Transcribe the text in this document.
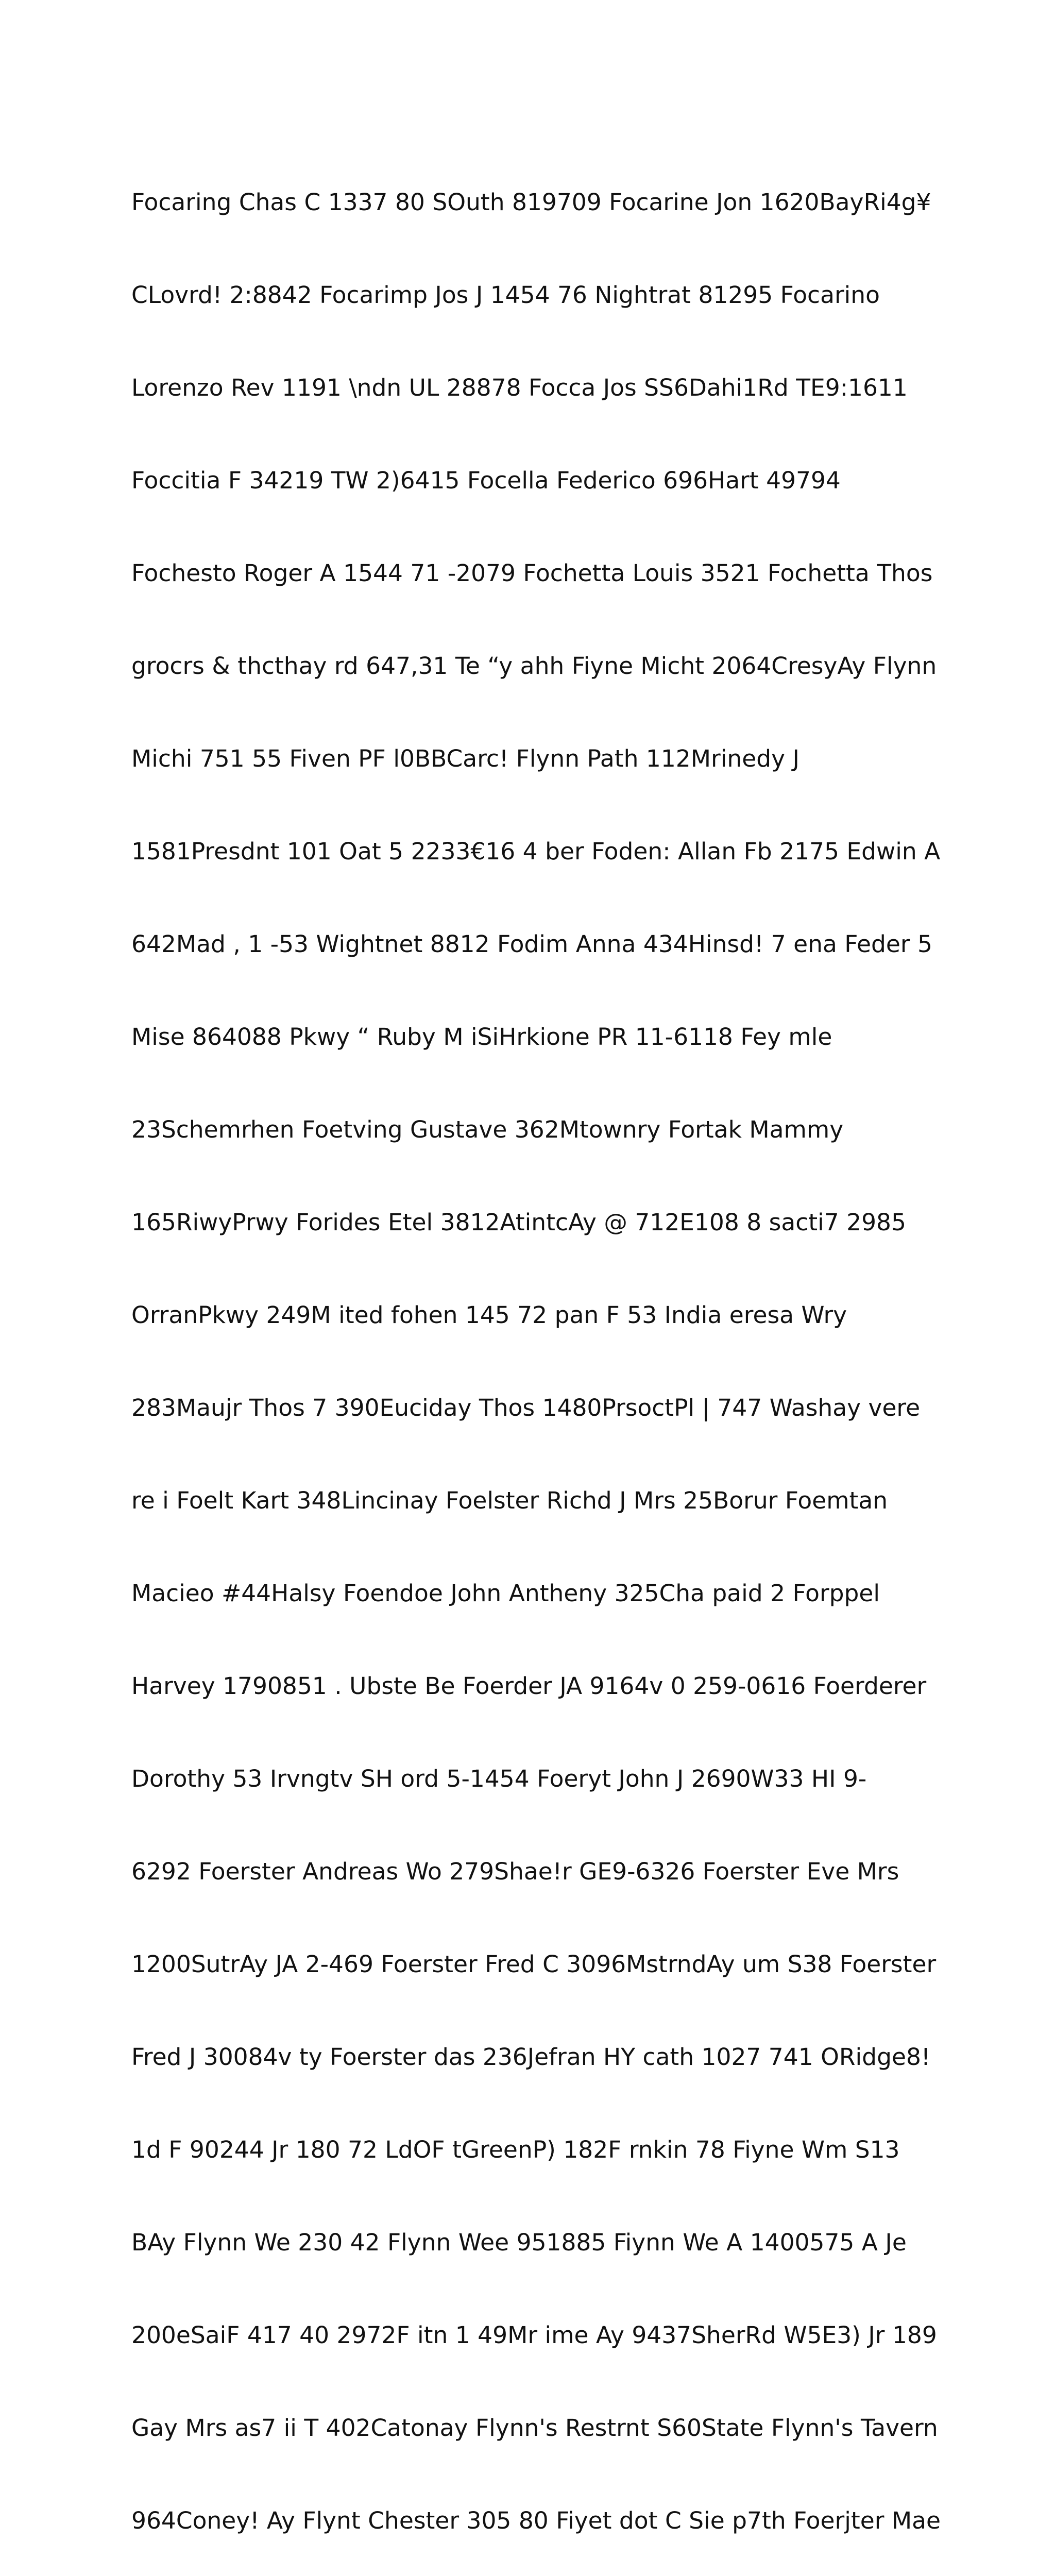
Focaring Chas C 1337 80 SOuth 819709 Focarine Jon 1620BayRi4g¥

CLovrd! 2:8842 Focarimp Jos J 1454 76 Nightrat 81295 Focarino

Lorenzo Rev 1191 \ndn UL 28878 Focca Jos SS6Dahi1Rd TE9:1611

Foccitia F 34219 TW 2)6415 Focella Federico 696Hart 49794

Fochesto Roger A 1544 71 -2079 Fochetta Louis 3521 Fochetta Thos

grocrs & thcthay rd 647,31 Te “y ahh Fiyne Micht 2064CresyAy Flynn

Michi 751 55 Fiven PF l0BBCarc! Flynn Path 112Mrinedy J

1581Presdnt 101 Oat 5 2233€16 4 ber Foden: Allan Fb 2175 Edwin A

642Mad , 1 -53 Wightnet 8812 Fodim Anna 434Hinsd! 7 ena Feder 5

Mise 864088 Pkwy “ Ruby M iSiHrkione PR 11-6118 Fey mle

23Schemrhen Foetving Gustave 362Mtownry Fortak Mammy

165RiwyPrwy Forides Etel 3812AtintcAy @ 712E108 8 sacti7 2985

OrranPkwy 249M ited fohen 145 72 pan F 53 India eresa Wry

283Maujr Thos 7 390Euciday Thos 1480PrsoctPl | 747 Washay vere

re i Foelt Kart 348Lincinay Foelster Richd J Mrs 25Borur Foemtan

Macieo #44Halsy Foendoe John Antheny 325Cha paid 2 Forppel

Harvey 1790851 . Ubste Be Foerder JA 9164v 0 259-0616 Foerderer

Dorothy 53 Irvngtv SH ord 5-1454 Foeryt John J 2690W33 HI 9-

6292 Foerster Andreas Wo 279Shae!r GE9-6326 Foerster Eve Mrs

1200SutrAy JA 2-469 Foerster Fred C 3096MstrndAy um S38 Foerster

Fred J 30084v ty Foerster das 236Jefran HY cath 1027 741 ORidge8!

1d F 90244 Jr 180 72 LdOF tGreenP) 182F rnkin 78 Fiyne Wm S13

BAy Flynn We 230 42 Flynn Wee 951885 Fiynn We A 1400575 A Je

200eSaiF 417 40 2972F itn 1 49Mr ime Ay 9437SherRd W5E3) Jr 189

Gay Mrs as7 ii T 402Catonay Flynn's Restrnt S60State Flynn's Tavern

964Coney! Ay Flynt Chester 305 80 Fiyet dot C Sie p7th Foerjter Mae
